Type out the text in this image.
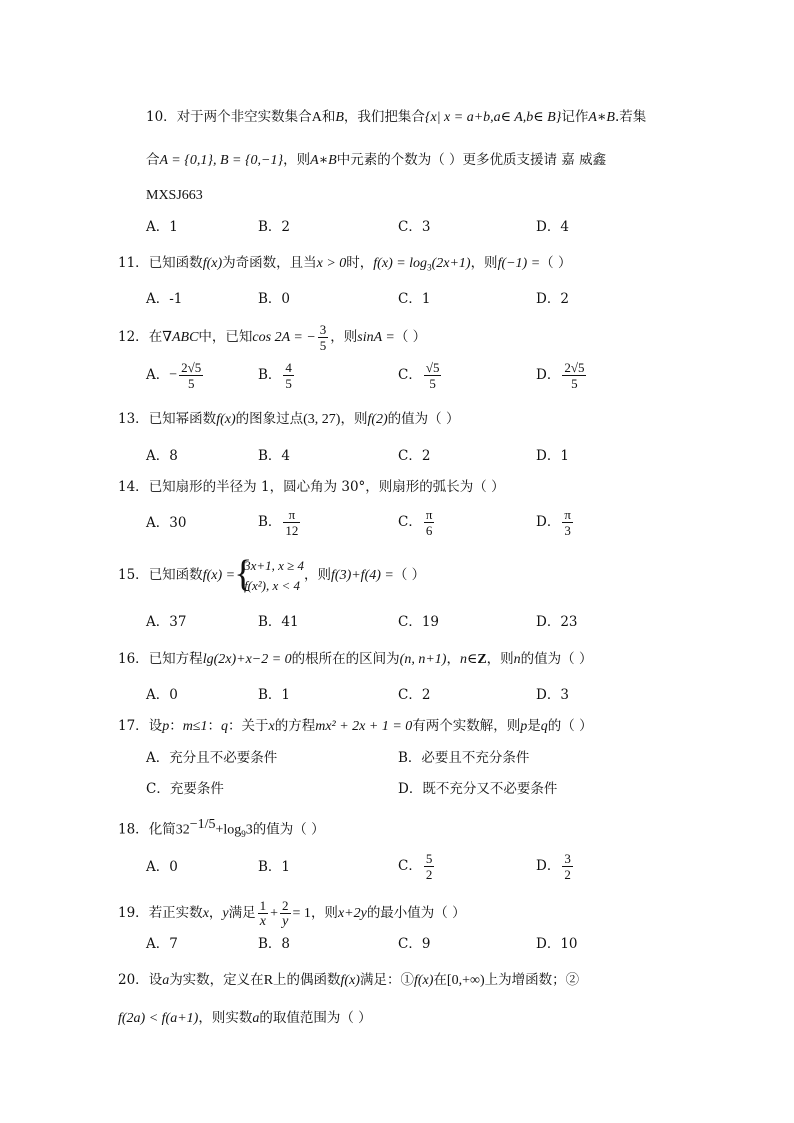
10．对于两个非空实数集合A和B，我们把集合{x| x = a+b,a∈ A,b∈ B}记作A∗B.若集
合A = {0,1}, B = {0,−1}，则A∗B中元素的个数为（ ）更多优质支援请 嘉 威鑫
MXSJ663
A．1	B．2	C．3	D．4
11．已知函数f(x)为奇函数，且当x > 0时，$f(x) = \log_3(2x+1)$，则f(−1) =（ ）
A．-1	B．0	C．1	D．2
12．在∇ABC中，已知cos 2A = − $\frac{3}{5}$ ，则sinA =（ ）
A．− $\frac{2√5}{5}$	B． $\frac{4}{5}$	C． $\frac{√5}{5}$	D． $\frac{2√5}{5}$
13．已知幂函数f(x)的图象过点(3, 27)，则f(2)的值为（ ）
A．8	B．4	C．2	D．1
14．已知扇形的半径为 1，圆心角为 30°，则扇形的弧长为（ ）
A．30	B． $\frac{\pi}{12}$	C． $\frac{\pi}{6}$	D． $\frac{\pi}{3}$
15．已知函数f(x) = {
3x+1, x ≥ 4
f(x²), x < 4
，则f(3)+f(4) =（ ）
A．37	B．41	C．19	D．23
16．已知方程lg(2x)+x−2 = 0的根所在的区间为(n, n+1)，n∈Z，则n的值为（ ）
A．0	B．1	C．2	D．3
17．设p：m≤1：q：关于x的方程mx² + 2x + 1 = 0有两个实数解，则p是q的（ ）
A．充分且不必要条件	B．必要且不充分条件
C．充要条件	D．既不充分又不必要条件
18．化简$32^{-1/5}+\log_93$的值为（ ）
A．0	B．1	C． $\frac{5}{2}$	D． $\frac{3}{2}$
19．若正实数x，y满足 $\frac{1}{x} + \frac{2}{y} = 1$，则x+2y的最小值为（ ）
A．7	B．8	C．9	D．10
20．设a为实数，定义在R上的偶函数f(x)满足：①f(x)在[0,+∞)上为增函数；②
f(2a) < f(a+1)，则实数a的取值范围为（ ）
